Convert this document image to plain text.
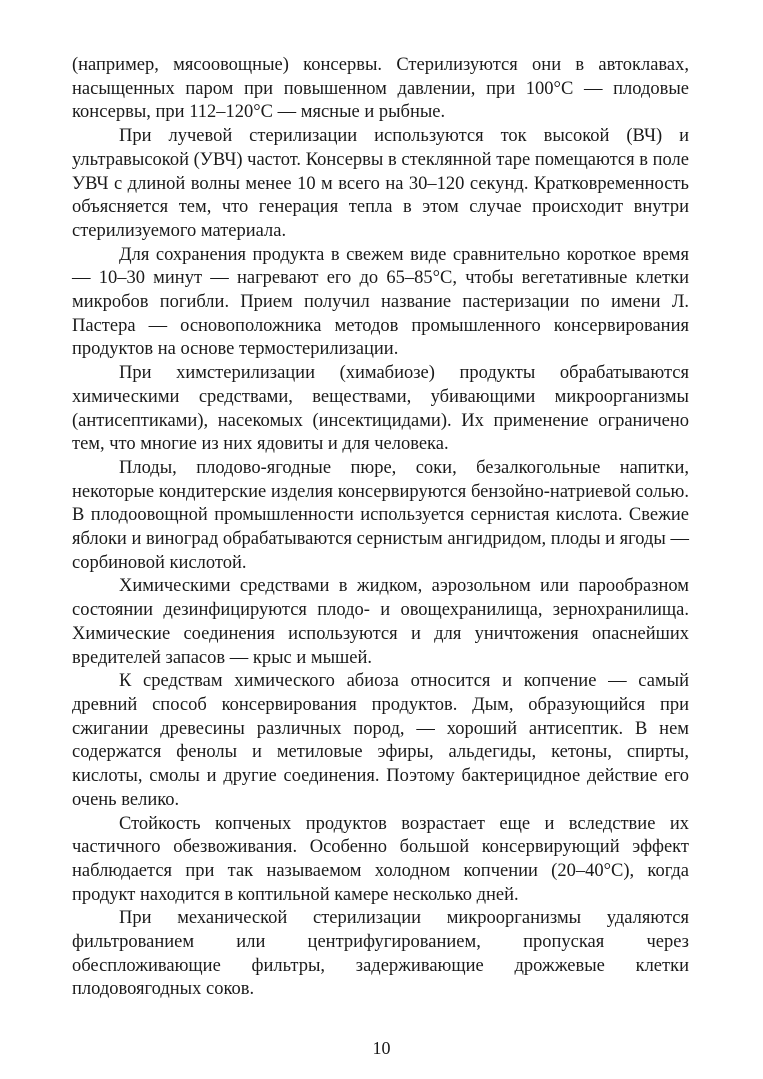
(например, мясоовощные) консервы. Стерилизуются они в автоклавах, насыщенных паром при повышенном давлении, при 100°С — плодовые консервы, при 112–120°С — мясные и рыбные.

При лучевой стерилизации используются ток высокой (ВЧ) и ультравысокой (УВЧ) частот. Консервы в стеклянной таре помещаются в поле УВЧ с длиной волны менее 10 м всего на 30–120 секунд. Кратковременность объясняется тем, что генерация тепла в этом случае происходит внутри стерилизуемого материала.

Для сохранения продукта в свежем виде сравнительно короткое время — 10–30 минут — нагревают его до 65–85°С, чтобы вегетативные клетки микробов погибли. Прием получил название пастеризации по имени Л. Пастера — основоположника методов промышленного консервирования продуктов на основе термостерилизации.

При химстерилизации (химабиозе) продукты обрабатываются химическими средствами, веществами, убивающими микроорганизмы (антисептиками), насекомых (инсектицидами). Их применение ограничено тем, что многие из них ядовиты и для человека.

Плоды, плодово-ягодные пюре, соки, безалкогольные напитки, некоторые кондитерские изделия консервируются бензойно-натриевой солью. В плодоовощной промышленности используется сернистая кислота. Свежие яблоки и виноград обрабатываются сернистым ангидридом, плоды и ягоды — сорбиновой кислотой.

Химическими средствами в жидком, аэрозольном или парообразном состоянии дезинфицируются плодо- и овощехранилища, зернохранилища. Химические соединения используются и для уничтожения опаснейших вредителей запасов — крыс и мышей.

К средствам химического абиоза относится и копчение — самый древний способ консервирования продуктов. Дым, образующийся при сжигании древесины различных пород, — хороший антисептик. В нем содержатся фенолы и метиловые эфиры, альдегиды, кетоны, спирты, кислоты, смолы и другие соединения. Поэтому бактерицидное действие его очень велико.

Стойкость копченых продуктов возрастает еще и вследствие их частичного обезвоживания. Особенно большой консервирующий эффект наблюдается при так называемом холодном копчении (20–40°С), когда продукт находится в коптильной камере несколько дней.

При механической стерилизации микроорганизмы удаляются фильтрованием или центрифугированием, пропуская через обеспложивающие фильтры, задерживающие дрожжевые клетки плодовоягодных соков.

10
